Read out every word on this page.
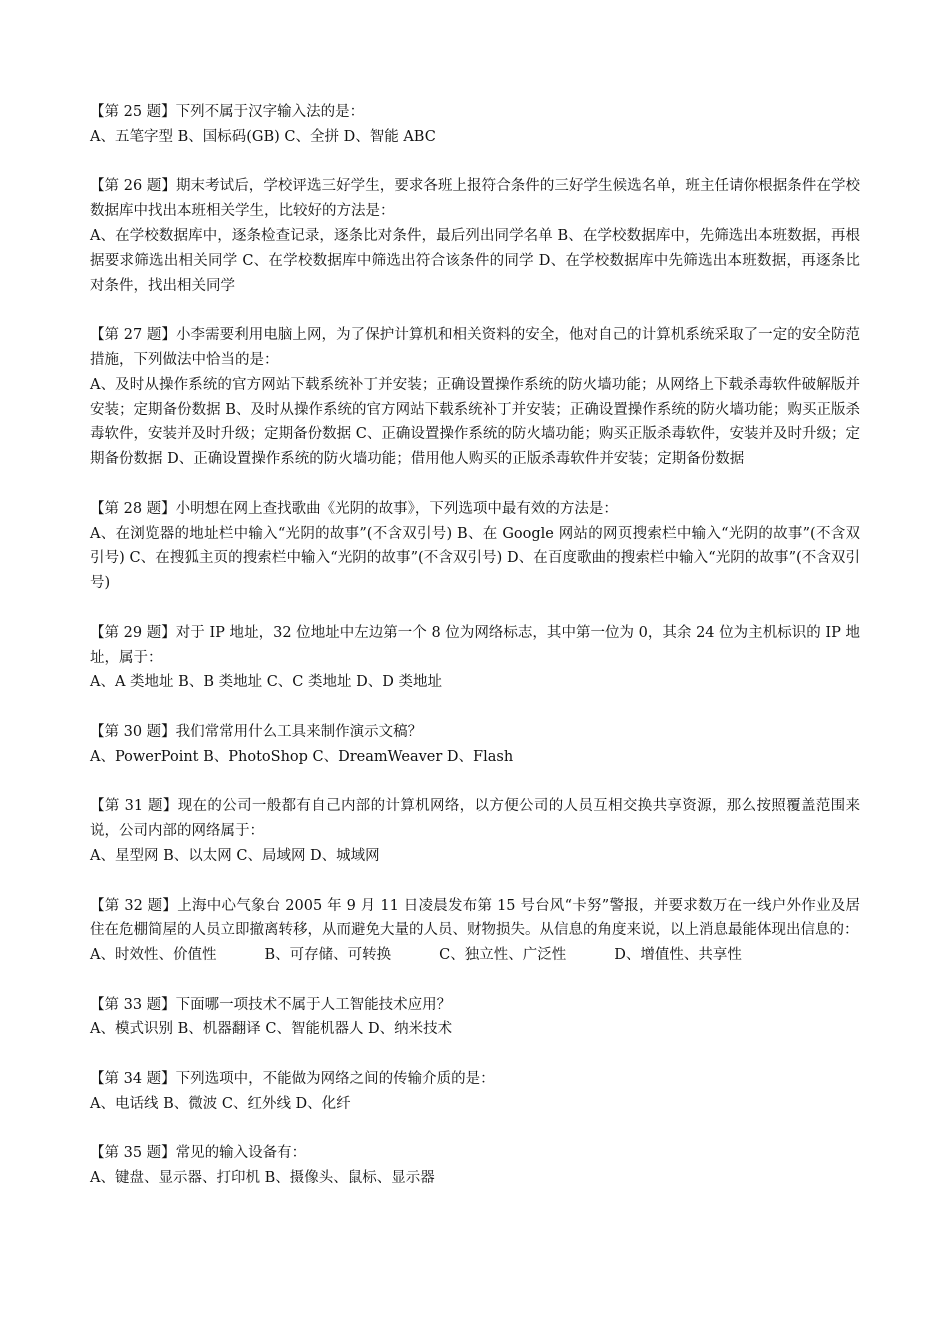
【第 25 题】下列不属于汉字输入法的是：
A、五笔字型 B、国标码(GB) C、全拼 D、智能 ABC
【第 26 题】期末考试后，学校评选三好学生，要求各班上报符合条件的三好学生候选名单，班主任请你根据条件在学校数据库中找出本班相关学生，比较好的方法是：
A、在学校数据库中，逐条检查记录，逐条比对条件，最后列出同学名单 B、在学校数据库中，先筛选出本班数据，再根据要求筛选出相关同学 C、在学校数据库中筛选出符合该条件的同学 D、在学校数据库中先筛选出本班数据，再逐条比对条件，找出相关同学
【第 27 题】小李需要利用电脑上网，为了保护计算机和相关资料的安全，他对自己的计算机系统采取了一定的安全防范措施，下列做法中恰当的是：
A、及时从操作系统的官方网站下载系统补丁并安装；正确设置操作系统的防火墙功能；从网络上下载杀毒软件破解版并安装；定期备份数据 B、及时从操作系统的官方网站下载系统补丁并安装；正确设置操作系统的防火墙功能；购买正版杀毒软件，安装并及时升级；定期备份数据 C、正确设置操作系统的防火墙功能；购买正版杀毒软件，安装并及时升级；定期备份数据 D、正确设置操作系统的防火墙功能；借用他人购买的正版杀毒软件并安装；定期备份数据
【第 28 题】小明想在网上查找歌曲《光阴的故事》，下列选项中最有效的方法是：
A、在浏览器的地址栏中输入“光阴的故事”(不含双引号) B、在 Google 网站的网页搜索栏中输入“光阴的故事”(不含双引号) C、在搜狐主页的搜索栏中输入“光阴的故事”(不含双引号) D、在百度歌曲的搜索栏中输入“光阴的故事”(不含双引号)
【第 29 题】对于 IP 地址，32 位地址中左边第一个 8 位为网络标志，其中第一位为 0，其余 24 位为主机标识的 IP 地址，属于：
A、A 类地址 B、B 类地址 C、C 类地址 D、D 类地址
【第 30 题】我们常常用什么工具来制作演示文稿？
A、PowerPoint B、PhotoShop C、DreamWeaver D、Flash
【第 31 题】现在的公司一般都有自己内部的计算机网络，以方便公司的人员互相交换共享资源，那么按照覆盖范围来说，公司内部的网络属于：
A、星型网 B、以太网 C、局域网 D、城域网
【第 32 题】上海中心气象台 2005 年 9 月 11 日凌晨发布第 15 号台风“卡努”警报，并要求数万在一线户外作业及居住在危棚简屋的人员立即撤离转移，从而避免大量的人员、财物损失。从信息的角度来说，以上消息最能体现出信息的：
A、时效性、价值性	B、可存储、可转换	C、独立性、广泛性	D、增值性、共享性
【第 33 题】下面哪一项技术不属于人工智能技术应用？
A、模式识别 B、机器翻译 C、智能机器人 D、纳米技术
【第 34 题】下列选项中，不能做为网络之间的传输介质的是：
A、电话线 B、微波 C、红外线 D、化纤
【第 35 题】常见的输入设备有：
A、键盘、显示器、打印机 B、摄像头、鼠标、显示器
